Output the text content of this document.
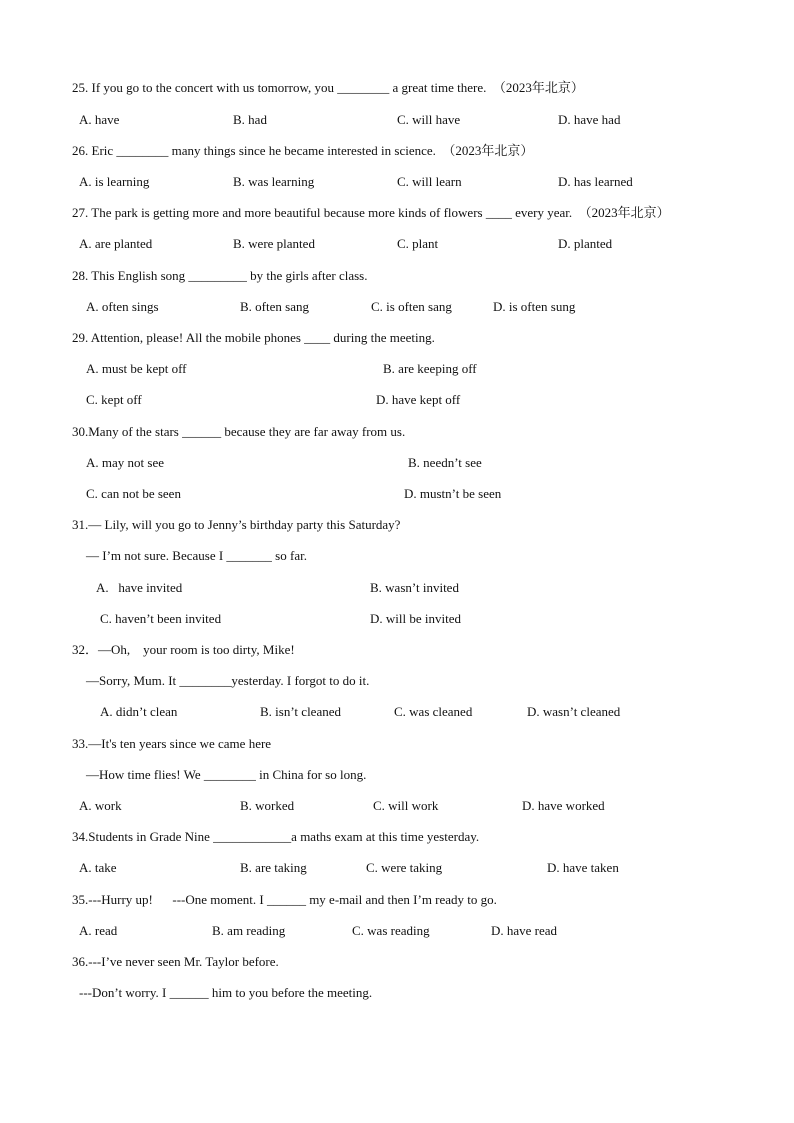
25. If you go to the concert with us tomorrow, you ________ a great time there.  （2023年北京）
A. have	B. had	C. will have	D. have had
26. Eric ________ many things since he became interested in science.  （2023年北京）
A. is learning	B. was learning	C. will learn	D. has learned
27. The park is getting more and more beautiful because more kinds of flowers ____ every year.  （2023年北京）
A. are planted	B. were planted	C. plant	D. planted
28. This English song _________ by the girls after class.
A. often sings	B. often sang	C. is often sang	D. is often sung
29. Attention, please! All the mobile phones ____ during the meeting.
A. must be kept off	B. are keeping off
C. kept off	D. have kept off
30.Many of the stars ______ because they are far away from us.
A. may not see	B. needn’t see
C. can not be seen	D. mustn’t be seen
31.— Lily, will you go to Jenny’s birthday party this Saturday?
— I’m not sure. Because I _______ so far.
A.   have invited	B. wasn’t invited
C. haven’t been invited	D. will be invited
32．—Oh,    your room is too dirty, Mike!
—Sorry, Mum. It ________yesterday. I forgot to do it.
A. didn’t clean	B. isn’t cleaned	C. was cleaned	D. wasn’t cleaned
33.—It's ten years since we came here
—How time flies! We ________ in China for so long.
A. work	B. worked	C. will work	D. have worked
34.Students in Grade Nine ____________a maths exam at this time yesterday.
A. take	B. are taking	C. were taking	D. have taken
35.---Hurry up!      ---One moment. I ______ my e-mail and then I’m ready to go.
A. read	B. am reading	C. was reading	D. have read
36.---I’ve never seen Mr. Taylor before.
---Don’t worry. I ______ him to you before the meeting.
